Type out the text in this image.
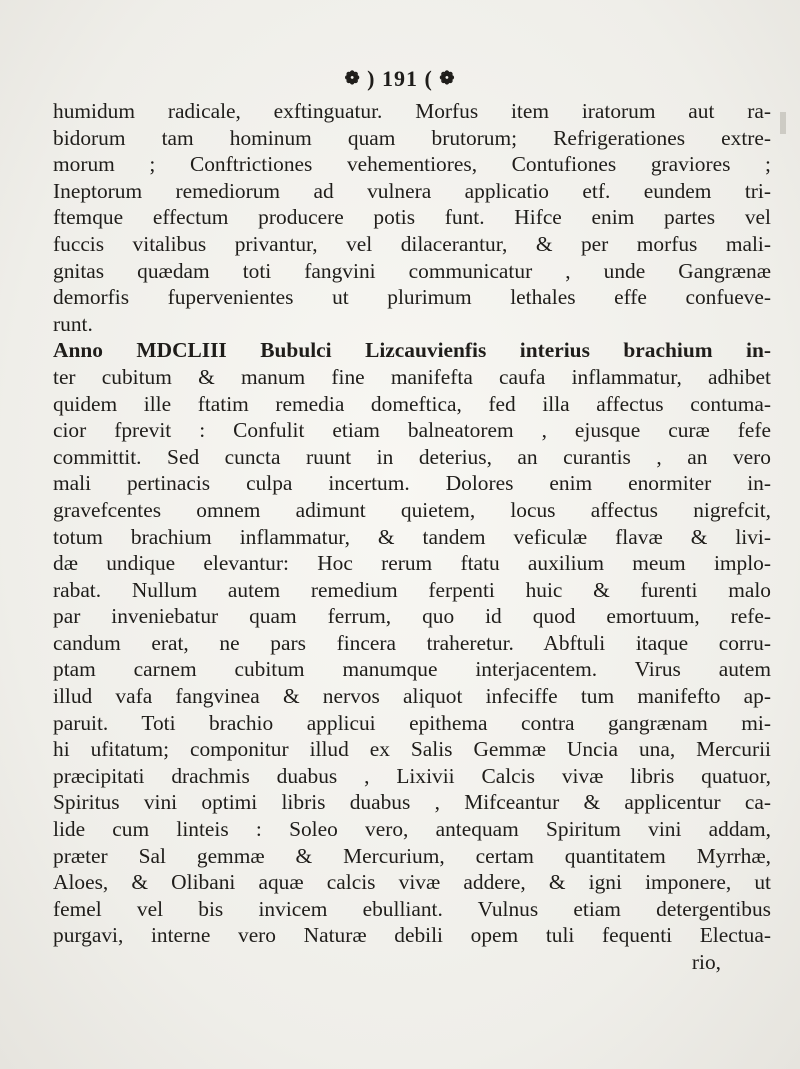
❁ ) 191 ( ❁
humidum radicale, exftinguatur. Morfus item iratorum aut ra-
bidorum tam hominum quam brutorum; Refrigerationes extre-
morum ; Conftrictiones vehementiores, Contufiones graviores ;
Ineptorum remediorum ad vulnera applicatio etf. eundem tri-
ftemque effectum producere potis funt. Hifce enim partes vel
fuccis vitalibus privantur, vel dilacerantur, & per morfus mali-
gnitas quædam toti fangvini communicatur , unde Gangrænæ
demorfis fupervenientes ut plurimum lethales effe confueve-
runt.
Anno MDCLIII Bubulci Lizcauvienfis interius brachium in-
ter cubitum & manum fine manifefta caufa inflammatur, adhibet
quidem ille ftatim remedia domeftica, fed illa affectus contuma-
cior fprevit : Confulit etiam balneatorem , ejusque curæ fefe
committit. Sed cuncta ruunt in deterius, an curantis , an vero
mali pertinacis culpa incertum. Dolores enim enormiter in-
gravefcentes omnem adimunt quietem, locus affectus nigrefcit,
totum brachium inflammatur, & tandem veficulæ flavæ & livi-
dæ undique elevantur: Hoc rerum ftatu auxilium meum implo-
rabat. Nullum autem remedium ferpenti huic & furenti malo
par inveniebatur quam ferrum, quo id quod emortuum, refe-
candum erat, ne pars fincera traheretur. Abftuli itaque corru-
ptam carnem cubitum manumque interjacentem. Virus autem
illud vafa fangvinea & nervos aliquot infeciffe tum manifefto ap-
paruit. Toti brachio applicui epithema contra gangrænam mi-
hi ufitatum; componitur illud ex Salis Gemmæ Uncia una, Mercurii
præcipitati drachmis duabus , Lixivii Calcis vivæ libris quatuor,
Spiritus vini optimi libris duabus , Mifceantur & applicentur ca-
lide cum linteis : Soleo vero, antequam Spiritum vini addam,
præter Sal gemmæ & Mercurium, certam quantitatem Myrrhæ,
Aloes, & Olibani aquæ calcis vivæ addere, & igni imponere, ut
femel vel bis invicem ebulliant. Vulnus etiam detergentibus
purgavi, interne vero Naturæ debili opem tuli fequenti Electua-
rio,
